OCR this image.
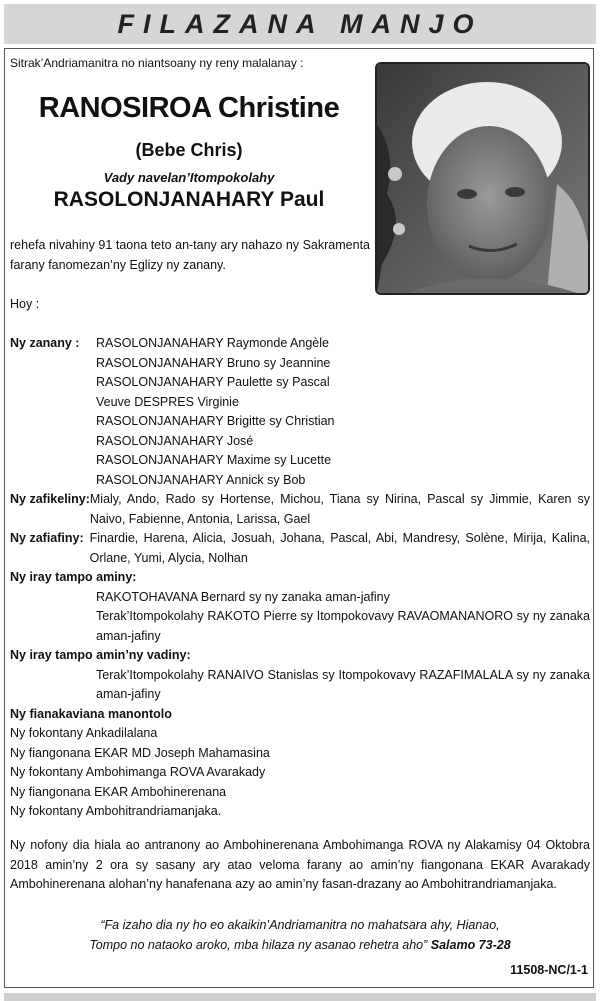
FILAZANA MANJO
Sitrak’Andriamanitra no niantsoany ny reny malalanay :
RANOSIROA Christine
(Bebe Chris)
Vady navelan’Itompokolahy
RASOLONJANAHARY Paul
rehefa nivahiny 91 taona teto an-tany ary nahazo ny Sakramenta farany fanomezan’ny Eglizy ny zanany.
Hoy :
Ny zanany : RASOLONJANAHARY Raymonde Angèle
RASOLONJANAHARY Bruno sy Jeannine
RASOLONJANAHARY Paulette sy Pascal
Veuve DESPRES Virginie
RASOLONJANAHARY Brigitte sy Christian
RASOLONJANAHARY José
RASOLONJANAHARY Maxime sy Lucette
RASOLONJANAHARY Annick sy Bob
Ny zafikeliny: Mialy, Ando, Rado sy Hortense, Michou, Tiana sy Nirina, Pascal sy Jimmie, Karen sy Naivo, Fabienne, Antonia, Larissa, Gael
Ny zafiafiny: Finardie, Harena, Alicia, Josuah, Johana, Pascal, Abi, Mandresy, Solène, Mirija, Kalina, Orlane, Yumi, Alycia, Nolhan
Ny iray tampo aminy:
RAKOTOHAVANA Bernard sy ny zanaka aman-jafiny
Terak’Itompokolahy RAKOTO Pierre sy Itompokovavy RAVAOMANANORO sy ny zanaka aman-jafiny
Ny iray tampo amin’ny vadiny:
Terak’Itompokolahy RANAIVO Stanislas sy Itompokovavy RAZAFIMALALA sy ny zanaka aman-jafiny
Ny fianakaviana manontolo
Ny fokontany Ankadilalana
Ny fiangonana EKAR MD Joseph Mahamasina
Ny fokontany Ambohimanga ROVA Avarakady
Ny fiangonana EKAR Ambohinerenana
Ny fokontany Ambohitrandriamanjaka.
Ny nofony dia hiala ao antranony ao Ambohinerenana Ambohimanga ROVA ny Alakamisy 04 Oktobra 2018 amin’ny 2 ora sy sasany ary atao veloma farany ao amin’ny fiangonana EKAR Avarakady Ambohinerenana alohan’ny hanafenana azy ao amin’ny fasan-drazany ao Ambohitrandriamanjaka.
“Fa izaho dia ny ho eo akaikin’Andriamanitra no mahatsara ahy, Hianao,
Tompo no nataoko aroko, mba hilaza ny asanao rehetra aho” Salamo 73-28
11508-NC/1-1
